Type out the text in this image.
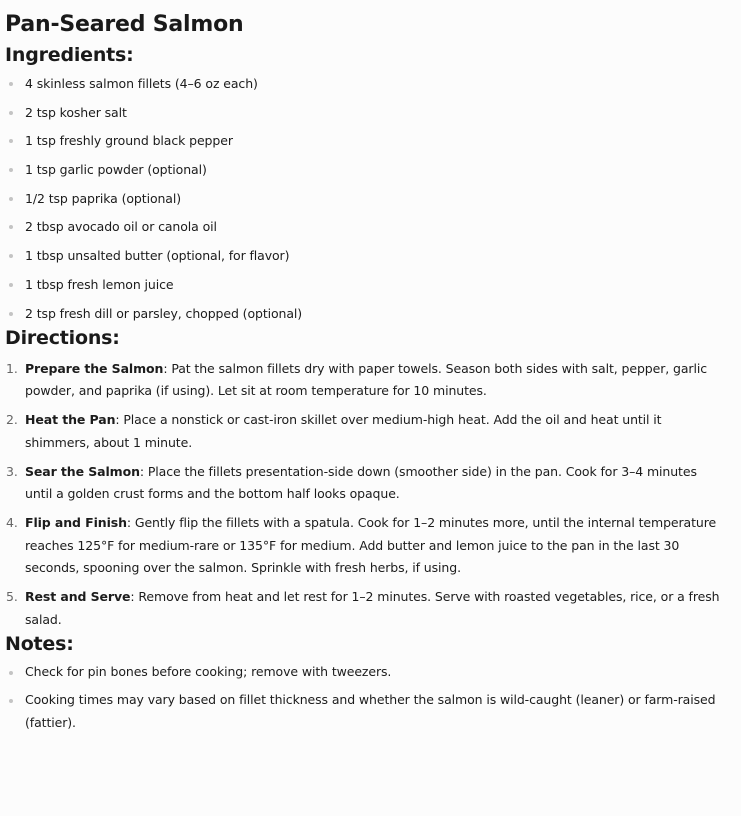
Pan-Seared Salmon
Ingredients:
4 skinless salmon fillets (4–6 oz each)
2 tsp kosher salt
1 tsp freshly ground black pepper
1 tsp garlic powder (optional)
1/2 tsp paprika (optional)
2 tbsp avocado oil or canola oil
1 tbsp unsalted butter (optional, for flavor)
1 tbsp fresh lemon juice
2 tsp fresh dill or parsley, chopped (optional)
Directions:
1. Prepare the Salmon: Pat the salmon fillets dry with paper towels. Season both sides with salt, pepper, garlic powder, and paprika (if using). Let sit at room temperature for 10 minutes.
2. Heat the Pan: Place a nonstick or cast-iron skillet over medium-high heat. Add the oil and heat until it shimmers, about 1 minute.
3. Sear the Salmon: Place the fillets presentation-side down (smoother side) in the pan. Cook for 3–4 minutes until a golden crust forms and the bottom half looks opaque.
4. Flip and Finish: Gently flip the fillets with a spatula. Cook for 1–2 minutes more, until the internal temperature reaches 125°F for medium-rare or 135°F for medium. Add butter and lemon juice to the pan in the last 30 seconds, spooning over the salmon. Sprinkle with fresh herbs, if using.
5. Rest and Serve: Remove from heat and let rest for 1–2 minutes. Serve with roasted vegetables, rice, or a fresh salad.
Notes:
Check for pin bones before cooking; remove with tweezers.
Cooking times may vary based on fillet thickness and whether the salmon is wild-caught (leaner) or farm-raised (fattier).
